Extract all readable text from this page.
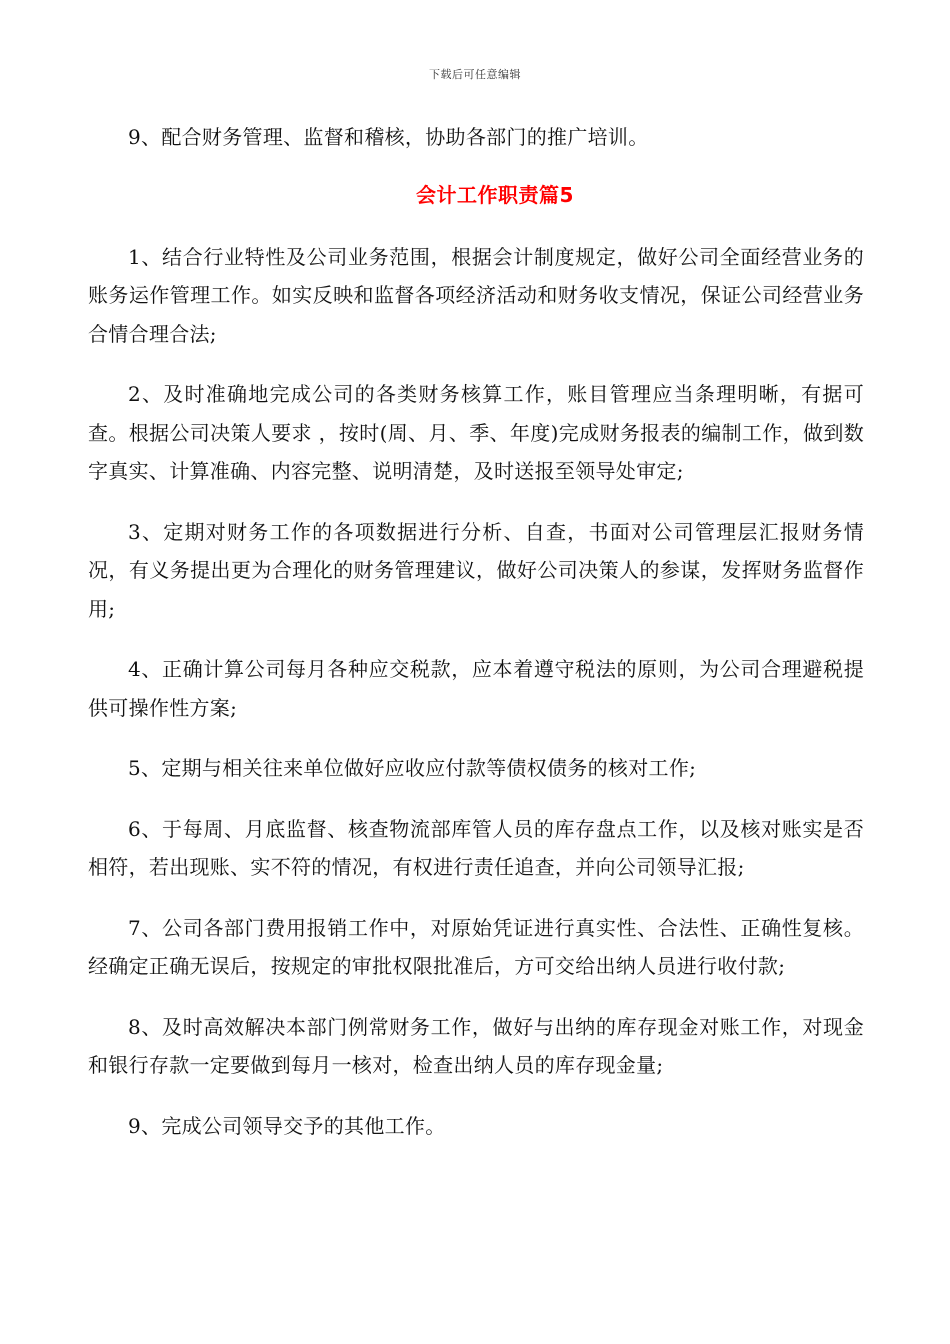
下载后可任意编辑

9、配合财务管理、监督和稽核，协助各部门的推广培训。

会计工作职责篇5

1、结合行业特性及公司业务范围，根据会计制度规定，做好公司全面经营业务的账务运作管理工作。如实反映和监督各项经济活动和财务收支情况，保证公司经营业务合情合理合法;

2、及时准确地完成公司的各类财务核算工作，账目管理应当条理明晰，有据可查。根据公司决策人要求 ，按时(周、月、季、年度)完成财务报表的编制工作，做到数字真实、计算准确、内容完整、说明清楚，及时送报至领导处审定;

3、定期对财务工作的各项数据进行分析、自查，书面对公司管理层汇报财务情况，有义务提出更为合理化的财务管理建议，做好公司决策人的参谋，发挥财务监督作用;

4、正确计算公司每月各种应交税款，应本着遵守税法的原则，为公司合理避税提供可操作性方案;

5、定期与相关往来单位做好应收应付款等债权债务的核对工作;

6、于每周、月底监督、核查物流部库管人员的库存盘点工作，以及核对账实是否相符，若出现账、实不符的情况，有权进行责任追查，并向公司领导汇报;

7、公司各部门费用报销工作中，对原始凭证进行真实性、合法性、正确性复核。经确定正确无误后，按规定的审批权限批准后，方可交给出纳人员进行收付款;

8、及时高效解决本部门例常财务工作，做好与出纳的库存现金对账工作，对现金和银行存款一定要做到每月一核对，检查出纳人员的库存现金量;

9、完成公司领导交予的其他工作。
